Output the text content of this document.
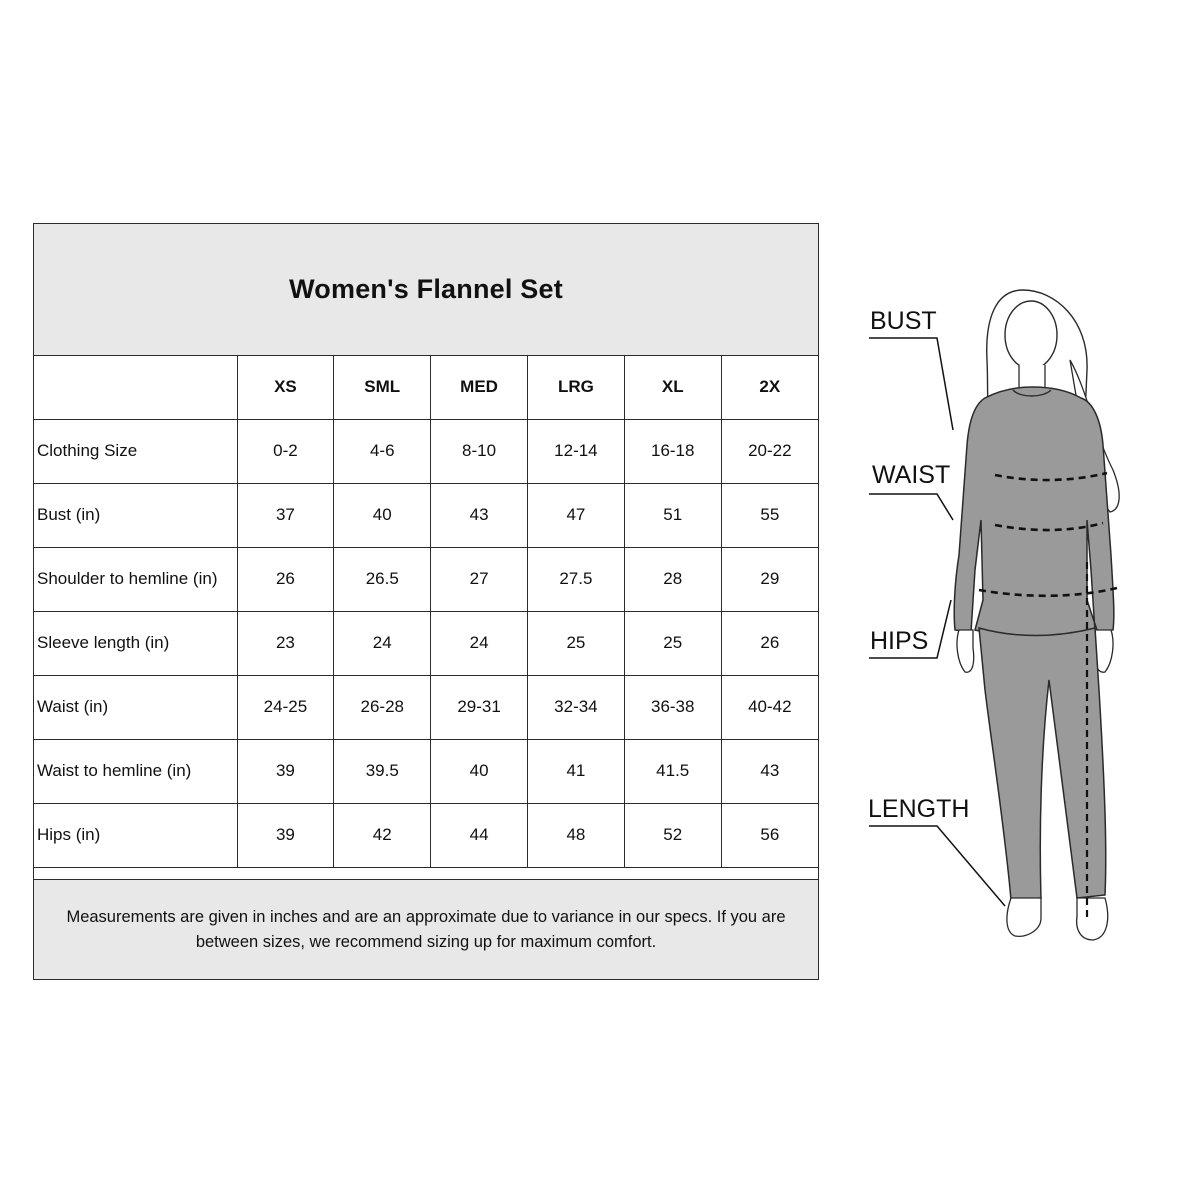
Women's Flannel Set
	XS	SML	MED	LRG	XL	2X
Clothing Size	0-2	4-6	8-10	12-14	16-18	20-22
Bust (in)	37	40	43	47	51	55
Shoulder to hemline (in)	26	26.5	27	27.5	28	29
Sleeve length (in)	23	24	24	25	25	26
Waist (in)	24-25	26-28	29-31	32-34	36-38	40-42
Waist to hemline (in)	39	39.5	40	41	41.5	43
Hips (in)	39	42	44	48	52	56
Measurements are given in inches and are an approximate due to variance in our specs. If you are between sizes, we recommend sizing up for maximum comfort.
BUST
WAIST
HIPS
LENGTH
